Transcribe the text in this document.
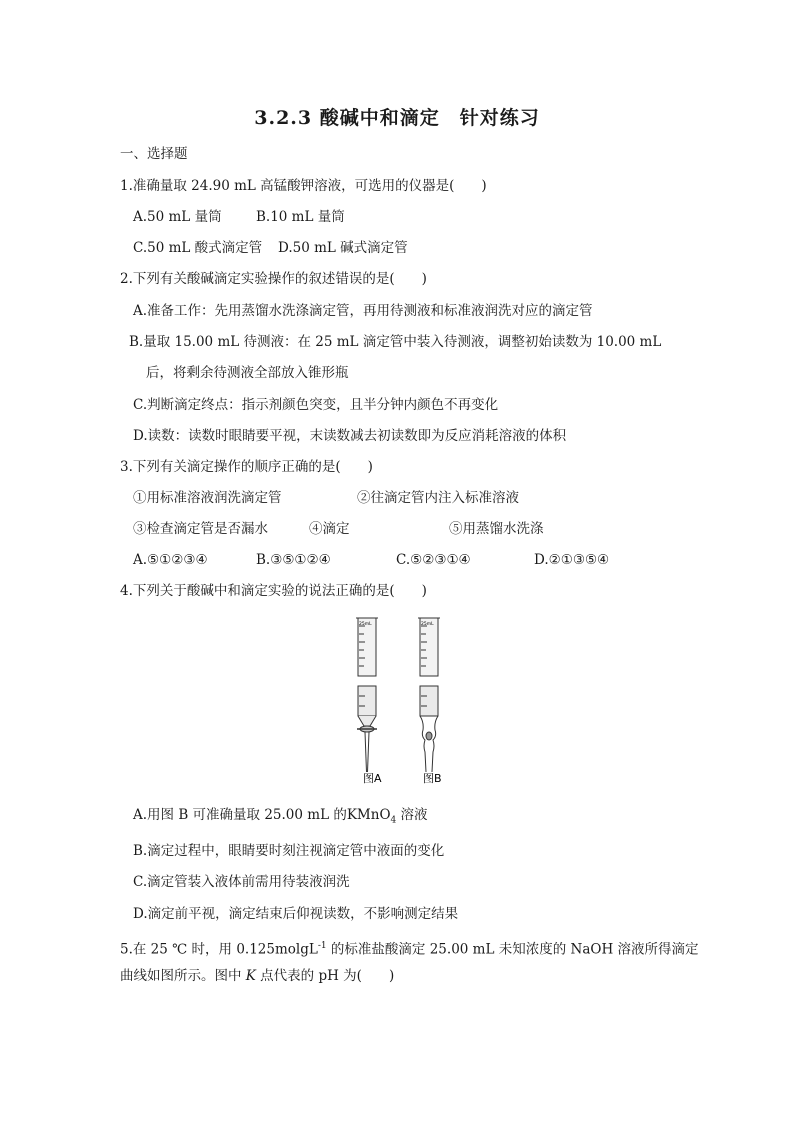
3.2.3 酸碱中和滴定　针对练习
一、选择题
1.准确量取 24.90 mL 高锰酸钾溶液，可选用的仪器是(　　)
A.50 mL 量筒	B.10 mL 量筒
C.50 mL 酸式滴定管 D.50 mL 碱式滴定管
2.下列有关酸碱滴定实验操作的叙述错误的是(　　)
A.准备工作：先用蒸馏水洗涤滴定管，再用待测液和标准液润洗对应的滴定管
B.量取 15.00 mL 待测液：在 25 mL 滴定管中装入待测液，调整初始读数为 10.00 mL
后，将剩余待测液全部放入锥形瓶
C.判断滴定终点：指示剂颜色突变，且半分钟内颜色不再变化
D.读数：读数时眼睛要平视，末读数减去初读数即为反应消耗溶液的体积
3.下列有关滴定操作的顺序正确的是(　　)
①用标准溶液润洗滴定管	②往滴定管内注入标准溶液
③检查滴定管是否漏水	④滴定	⑤用蒸馏水洗涤
A.⑤①②③④	B.③⑤①②④	C.⑤②③①④	D.②①③⑤④
4.下列关于酸碱中和滴定实验的说法正确的是(　　)
图A	图B
25mL	25mL
A.用图 B 可准确量取 25.00 mL 的KMnO$_4$ 溶液
B.滴定过程中，眼睛要时刻注视滴定管中液面的变化
C.滴定管装入液体前需用待装液润洗
D.滴定前平视，滴定结束后仰视读数，不影响测定结果
5.在 25 ℃ 时，用 0.125molgL$^{-1}$ 的标准盐酸滴定 25.00 mL 未知浓度的 NaOH 溶液所得滴定
曲线如图所示。图中 K 点代表的 pH 为(　　)
